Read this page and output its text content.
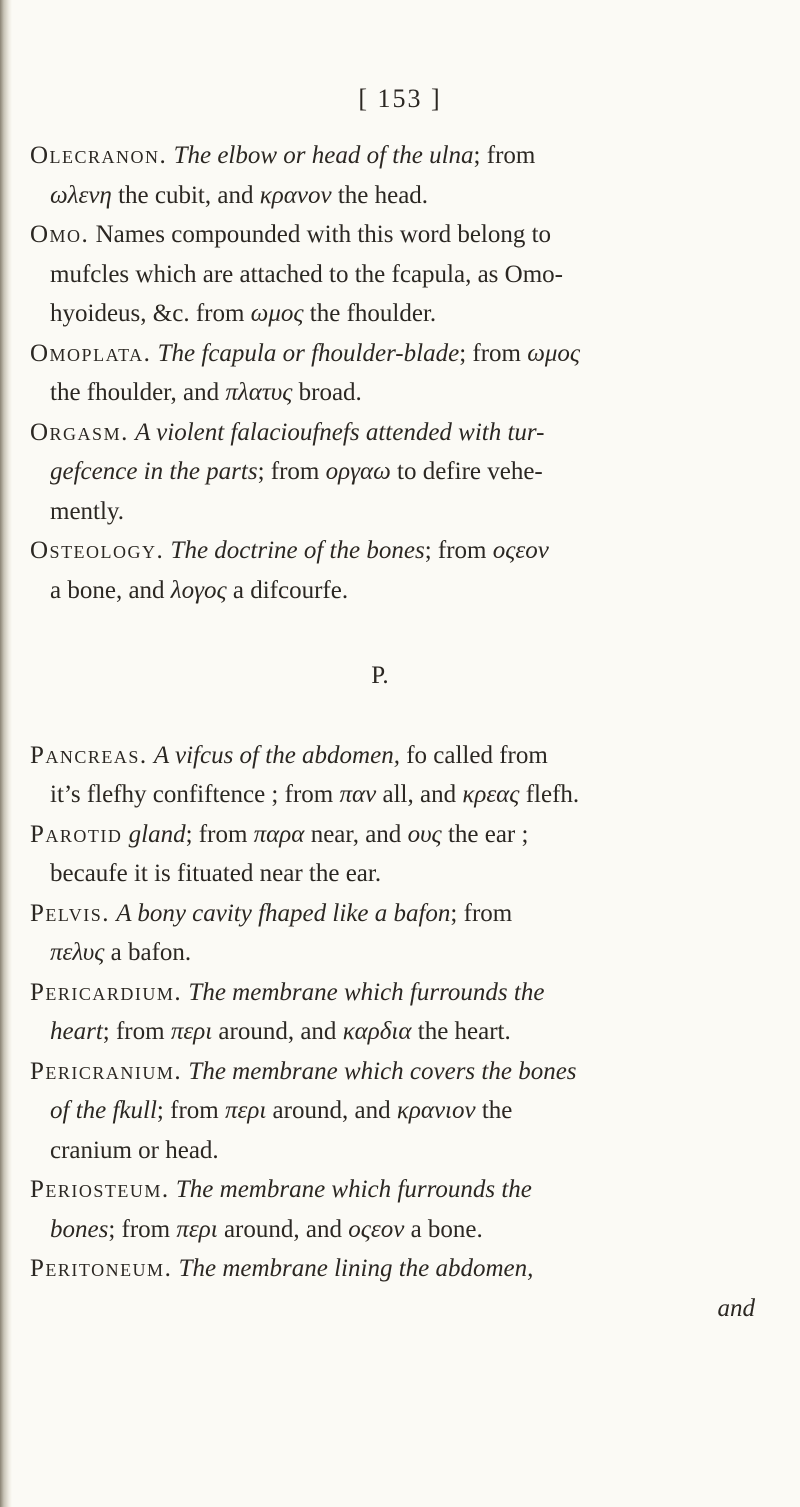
[ 153 ]
Olecranon. The elbow or head of the ulna; from
ωλενη the cubit, and κρανον the head.
Omo. Names compounded with this word belong to
mufcles which are attached to the fcapula, as Omo-
hyoideus, &c. from ωμος the fhoulder.
Omoplata. The fcapula or fhoulder-blade; from ωμος
the fhoulder, and πλατυς broad.
Orgasm. A violent falacioufnefs attended with tur-
gefcence in the parts; from οργαω to defire vehe-
mently.
Osteology. The doctrine of the bones; from οςεον
a bone, and λογος a difcourfe.
P.
Pancreas. A vifcus of the abdomen, fo called from
it’s flefhy confiftence ; from παν all, and κρεας flefh.
Parotid gland; from παρα near, and ους the ear ;
becaufe it is fituated near the ear.
Pelvis. A bony cavity fhaped like a bafon; from
πελυς a bafon.
Pericardium. The membrane which furrounds the
heart; from περι around, and καρδια the heart.
Pericranium. The membrane which covers the bones
of the fkull; from περι around, and κρανιον the
cranium or head.
Periosteum. The membrane which furrounds the
bones; from περι around, and οςεον a bone.
Peritoneum. The membrane lining the abdomen,
and
